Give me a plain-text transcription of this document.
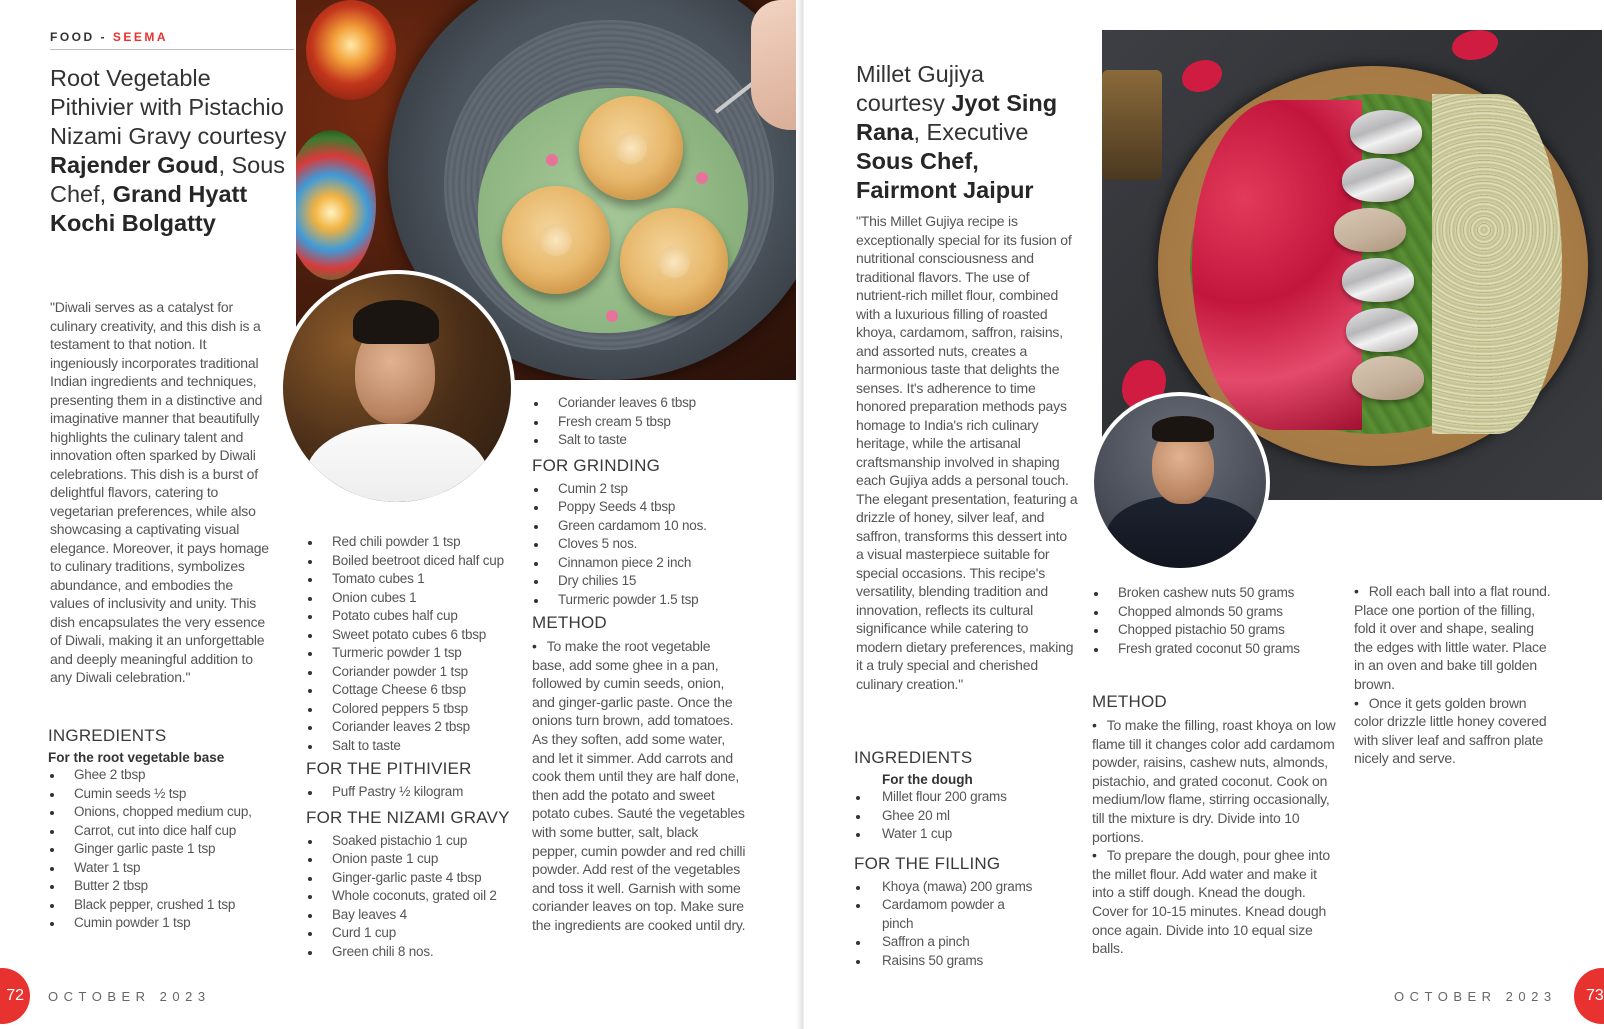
FOOD - SEEMA
Root Vegetable Pithivier with Pistachio Nizami Gravy courtesy Rajender Goud, Sous Chef, Grand Hyatt Kochi Bolgatty

"Diwali serves as a catalyst for culinary creativity, and this dish is a testament to that notion. It ingeniously incorporates traditional Indian ingredients and techniques, presenting them in a distinctive and imaginative manner that beautifully highlights the culinary talent and innovation often sparked by Diwali celebrations. This dish is a burst of delightful flavors, catering to vegetarian preferences, while also showcasing a captivating visual elegance. Moreover, it pays homage to culinary traditions, symbolizes abundance, and embodies the values of inclusivity and unity. This dish encapsulates the very essence of Diwali, making it an unforgettable and deeply meaningful addition to any Diwali celebration."

INGREDIENTS
For the root vegetable base
Ghee 2 tbsp
Cumin seeds ½ tsp
Onions, chopped medium cup,
Carrot, cut into dice half cup
Ginger garlic paste 1 tsp
Water 1 tsp
Butter 2 tbsp
Black pepper, crushed 1 tsp
Cumin powder 1 tsp
Red chili powder 1 tsp
Boiled beetroot diced half cup
Tomato cubes 1
Onion cubes 1
Potato cubes half cup
Sweet potato cubes 6 tbsp
Turmeric powder 1 tsp
Coriander powder 1 tsp
Cottage Cheese 6 tbsp
Colored peppers 5 tbsp
Coriander leaves 2 tbsp
Salt to taste
FOR THE PITHIVIER
Puff Pastry ½ kilogram
FOR THE NIZAMI GRAVY
Soaked pistachio 1 cup
Onion paste 1 cup
Ginger-garlic paste 4 tbsp
Whole coconuts, grated oil 2
Bay leaves 4
Curd 1 cup
Green chili 8 nos.
Coriander leaves 6 tbsp
Fresh cream 5 tbsp
Salt to taste
FOR GRINDING
Cumin 2 tsp
Poppy Seeds 4 tbsp
Green cardamom 10 nos.
Cloves 5 nos.
Cinnamon piece 2 inch
Dry chilies 15
Turmeric powder 1.5 tsp
METHOD

• To make the root vegetable base, add some ghee in a pan, followed by cumin seeds, onion, and ginger-garlic paste. Once the onions turn brown, add tomatoes. As they soften, add some water, and let it simmer. Add carrots and cook them until they are half done, then add the potato and sweet potato cubes. Sauté the vegetables with some butter, salt, black pepper, cumin powder and red chilli powder. Add rest of the vegetables and toss it well. Garnish with some coriander leaves on top. Make sure the ingredients are cooked until dry.

OCTOBER 2023
72
Millet Gujiya courtesy Jyot Sing Rana, Executive Sous Chef, Fairmont Jaipur

"This Millet Gujiya recipe is exceptionally special for its fusion of nutritional consciousness and traditional flavors. The use of nutrient-rich millet flour, combined with a luxurious filling of roasted khoya, cardamom, saffron, raisins, and assorted nuts, creates a harmonious taste that delights the senses. It's adherence to time honored preparation methods pays homage to India's rich culinary heritage, while the artisanal craftsmanship involved in shaping each Gujiya adds a personal touch. The elegant presentation, featuring a drizzle of honey, silver leaf, and saffron, transforms this dessert into a visual masterpiece suitable for special occasions. This recipe's versatility, blending tradition and innovation, reflects its cultural significance while catering to modern dietary preferences, making it a truly special and cherished culinary creation."

INGREDIENTS
For the dough
Millet flour 200 grams
Ghee 20 ml
Water 1 cup
FOR THE FILLING
Khoya (mawa) 200 grams
Cardamom powder a pinch
Saffron a pinch
Raisins 50 grams
Broken cashew nuts 50 grams
Chopped almonds 50 grams
Chopped pistachio 50 grams
Fresh grated coconut 50 grams
METHOD

• To make the filling, roast khoya on low flame till it changes color add cardamom powder, raisins, cashew nuts, almonds, pistachio, and grated coconut. Cook on medium/low flame, stirring occasionally, till the mixture is dry. Divide into 10 portions.

• To prepare the dough, pour ghee into the millet flour. Add water and make it into a stiff dough. Knead the dough. Cover for 10-15 minutes. Knead dough once again. Divide into 10 equal size balls.

• Roll each ball into a flat round. Place one portion of the filling, fold it over and shape, sealing the edges with little water. Place in an oven and bake till golden brown.

• Once it gets golden brown color drizzle little honey covered with sliver leaf and saffron plate nicely and serve.

OCTOBER 2023	73
